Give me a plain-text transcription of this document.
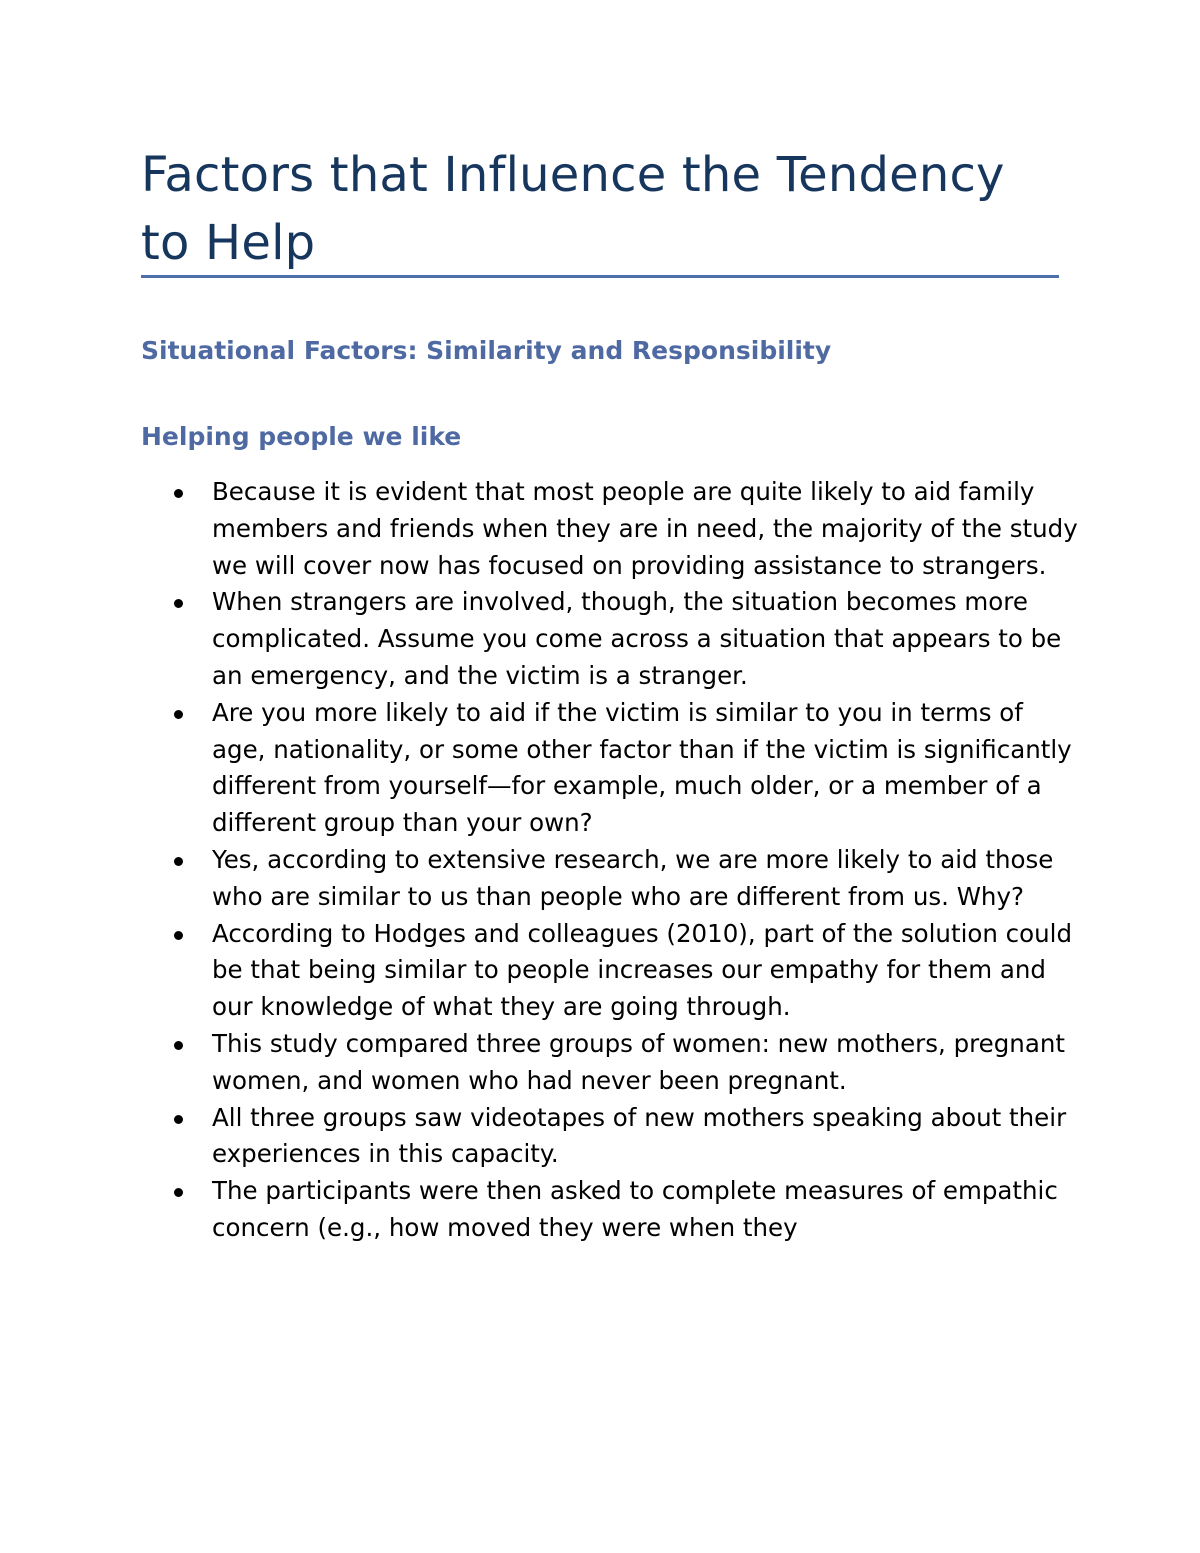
Factors that Influence the Tendency to Help
Situational Factors: Similarity and Responsibility
Helping people we like
Because it is evident that most people are quite likely to aid family members and friends when they are in need, the majority of the study we will cover now has focused on providing assistance to strangers.
When strangers are involved, though, the situation becomes more complicated. Assume you come across a situation that appears to be an emergency, and the victim is a stranger.
Are you more likely to aid if the victim is similar to you in terms of age, nationality, or some other factor than if the victim is significantly different from yourself—for example, much older, or a member of a different group than your own?
Yes, according to extensive research, we are more likely to aid those who are similar to us than people who are different from us. Why?
According to Hodges and colleagues (2010), part of the solution could be that being similar to people increases our empathy for them and our knowledge of what they are going through.
This study compared three groups of women: new mothers, pregnant women, and women who had never been pregnant.
All three groups saw videotapes of new mothers speaking about their experiences in this capacity.
The participants were then asked to complete measures of empathic concern (e.g., how moved they were when they
